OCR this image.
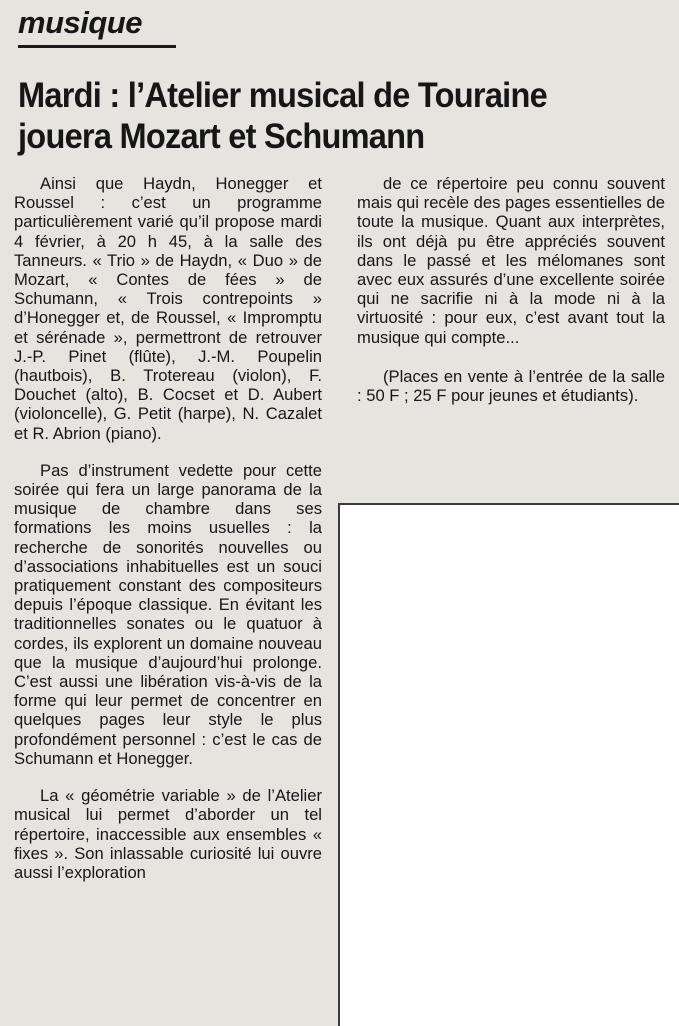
musique
Mardi : l’Atelier musical de Touraine jouera Mozart et Schumann

Ainsi que Haydn, Honegger et Roussel : c’est un programme particulièrement varié qu’il propose mardi 4 février, à 20 h 45, à la salle des Tanneurs. « Trio » de Haydn, « Duo » de Mozart, « Contes de fées » de Schumann, « Trois contrepoints » d’Honegger et, de Roussel, « Impromptu et sérénade », permettront de retrouver J.-P. Pinet (flûte), J.-M. Poupelin (hautbois), B. Trotereau (violon), F. Douchet (alto), B. Cocset et D. Aubert (violoncelle), G. Petit (harpe), N. Cazalet et R. Abrion (piano).

Pas d’instrument vedette pour cette soirée qui fera un large panorama de la musique de chambre dans ses formations les moins usuelles : la recherche de sonorités nouvelles ou d’associations inhabituelles est un souci pratiquement constant des compositeurs depuis l’époque classique. En évitant les traditionnelles sonates ou le quatuor à cordes, ils explorent un domaine nouveau que la musique d’aujourd’hui prolonge. C’est aussi une libération vis-à-vis de la forme qui leur permet de concentrer en quelques pages leur style le plus profondément personnel : c’est le cas de Schumann et Honegger.

La « géométrie variable » de l’Atelier musical lui permet d’aborder un tel répertoire, inaccessible aux ensembles « fixes ». Son inlassable curiosité lui ouvre aussi l’exploration

de ce répertoire peu connu souvent mais qui recèle des pages essentielles de toute la musique. Quant aux interprètes, ils ont déjà pu être appréciés souvent dans le passé et les mélomanes sont avec eux assurés d’une excellente soirée qui ne sacrifie ni à la mode ni à la virtuosité : pour eux, c’est avant tout la musique qui compte...

(Places en vente à l’entrée de la salle : 50 F ; 25 F pour jeunes et étudiants).
